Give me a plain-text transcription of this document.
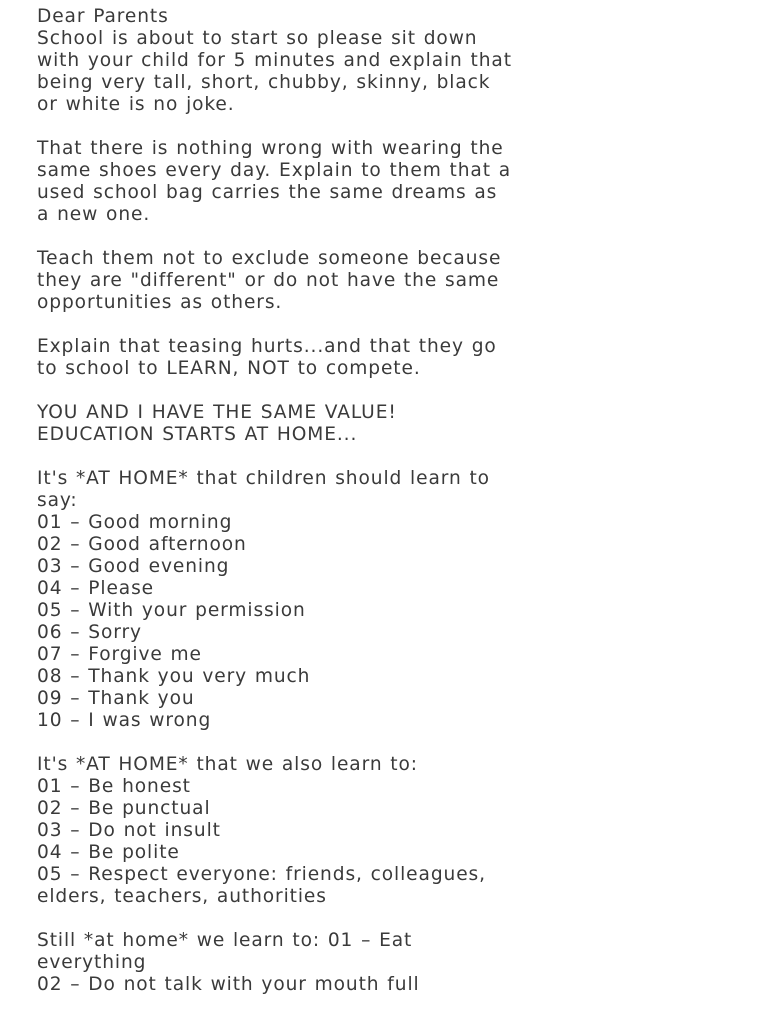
Dear Parents
School is about to start so please sit down
with your child for 5 minutes and explain that
being very tall, short, chubby, skinny, black
or white is no joke.
That there is nothing wrong with wearing the
same shoes every day. Explain to them that a
used school bag carries the same dreams as
a new one.
Teach them not to exclude someone because
they are "different" or do not have the same
opportunities as others.
Explain that teasing hurts...and that they go
to school to LEARN, NOT to compete.
YOU AND I HAVE THE SAME VALUE!
EDUCATION STARTS AT HOME...
It's *AT HOME* that children should learn to
say:
01 – Good morning
02 – Good afternoon
03 – Good evening
04 – Please
05 – With your permission
06 – Sorry
07 – Forgive me
08 – Thank you very much
09 – Thank you
10 – I was wrong
It's *AT HOME* that we also learn to:
01 – Be honest
02 – Be punctual
03 – Do not insult
04 – Be polite
05 – Respect everyone: friends, colleagues,
elders, teachers, authorities
Still *at home* we learn to: 01 – Eat
everything
02 – Do not talk with your mouth full
